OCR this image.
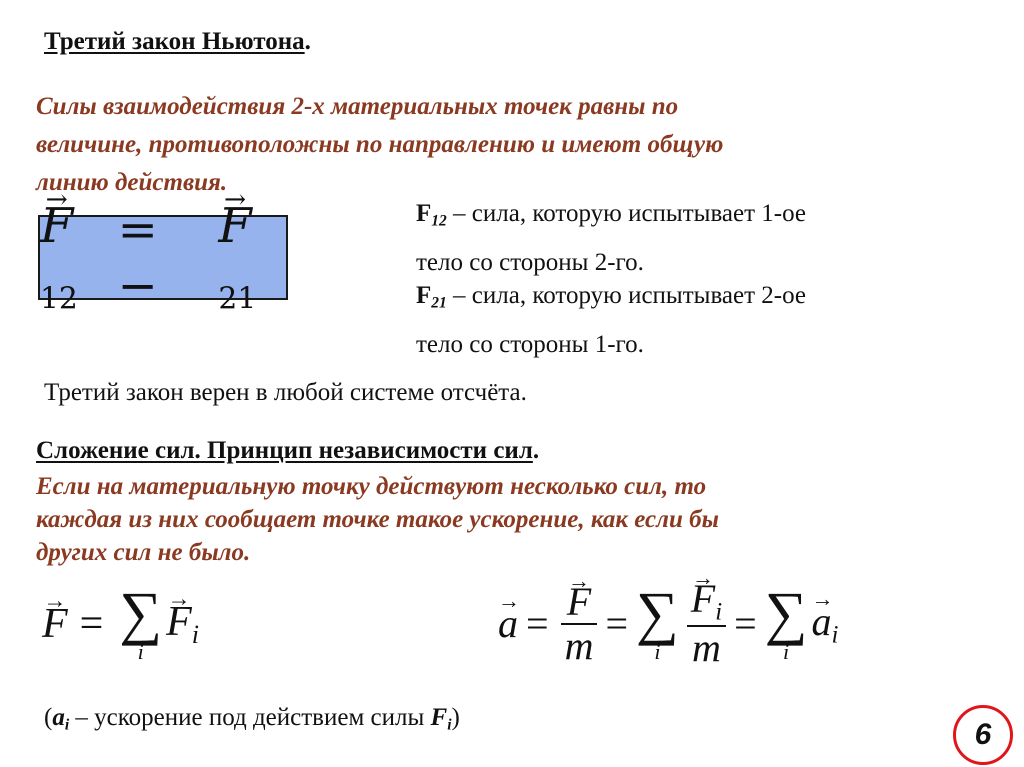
Третий закон Ньютона.
Силы взаимодействия 2-х материальных точек равны по
величине, противоположны по направлению и имеют общую
линию действия.
→ $F_{12}$
= −
→ $F_{21}$
$F_{12}$ – сила, которую испытывает 1-ое
тело со стороны 2-го.
$F_{21}$ – сила, которую испытывает 2-ое
тело со стороны 1-го.
Третий закон верен в любой системе отсчёта.
Сложение сил. Принцип независимости сил.
Если на материальную точку действуют несколько сил, то
каждая из них сообщает точке такое ускорение, как если бы
других сил не было.
→ F = ∑
i
→ $F_i$
→	a =
→ $\frac{F}{m}$ = ∑
i
→ $\frac{F_i}{m}$ = ∑
i
→ $a_i$
($a_i$ – ускорение под действием силы $F_i$)
6
